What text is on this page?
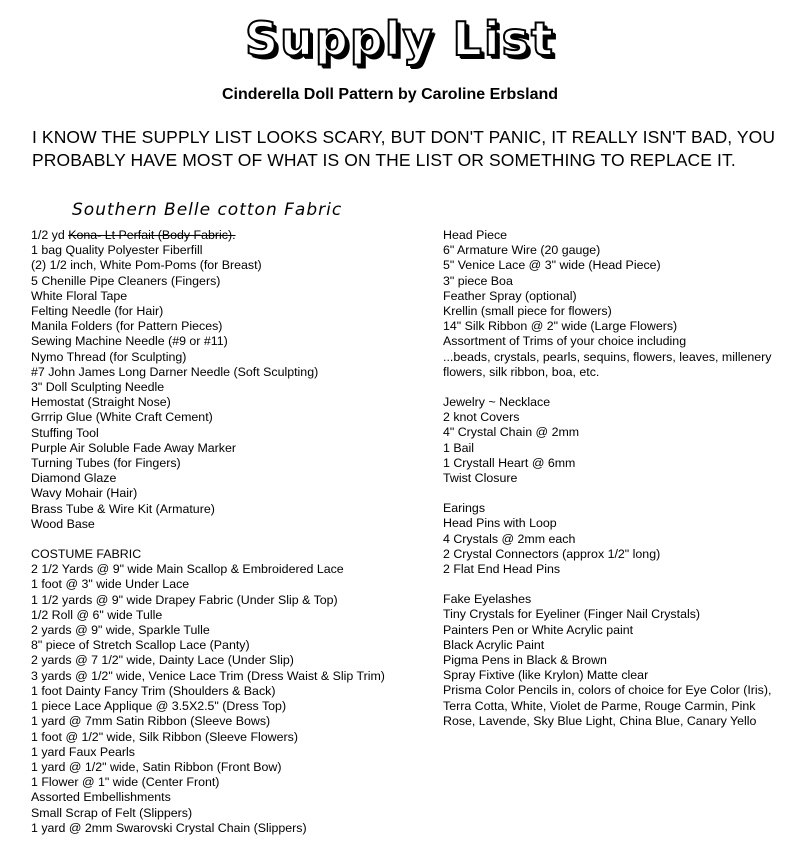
Supply List

Cinderella Doll Pattern by Caroline Erbsland

I KNOW THE SUPPLY LIST LOOKS SCARY, BUT DON'T PANIC, IT REALLY ISN'T BAD, YOU PROBABLY HAVE MOST OF WHAT IS ON THE LIST OR SOMETHING TO REPLACE IT.

Southern Belle cotton Fabric

1/2 yd Kona- Lt Perfait (Body Fabric).
1 bag Quality Polyester Fiberfill
(2) 1/2 inch, White Pom-Poms (for Breast)
5 Chenille Pipe Cleaners (Fingers)
White Floral Tape
Felting Needle (for Hair)
Manila Folders (for Pattern Pieces)
Sewing Machine Needle (#9 or #11)
Nymo Thread (for Sculpting)
#7 John James Long Darner Needle (Soft Sculpting)
3" Doll Sculpting Needle
Hemostat (Straight Nose)
Grrrip Glue (White Craft Cement)
Stuffing Tool
Purple Air Soluble Fade Away Marker
Turning Tubes (for Fingers)
Diamond Glaze
Wavy Mohair (Hair)
Brass Tube & Wire Kit (Armature)
Wood Base
COSTUME FABRIC
2 1/2 Yards @ 9" wide Main Scallop & Embroidered Lace
1 foot @ 3" wide Under Lace
1 1/2 yards @ 9" wide Drapey Fabric (Under Slip & Top)
1/2 Roll @ 6" wide Tulle
2 yards @ 9" wide, Sparkle Tulle
8" piece of Stretch Scallop Lace (Panty)
2 yards @ 7 1/2" wide, Dainty Lace (Under Slip)
3 yards @ 1/2" wide, Venice Lace Trim (Dress Waist & Slip Trim)
1 foot Dainty Fancy Trim (Shoulders & Back)
1 piece Lace Applique @ 3.5X2.5" (Dress Top)
1 yard @ 7mm Satin Ribbon (Sleeve Bows)
1 foot @ 1/2" wide, Silk Ribbon (Sleeve Flowers)
1 yard Faux Pearls
1 yard @ 1/2" wide, Satin Ribbon (Front Bow)
1 Flower @ 1" wide (Center Front)
Assorted Embellishments
Small Scrap of Felt (Slippers)
1 yard @ 2mm Swarovski Crystal Chain (Slippers)
Head Piece
6" Armature Wire (20 gauge)
5" Venice Lace @ 3" wide (Head Piece)
3" piece Boa
Feather Spray (optional)
Krellin (small piece for flowers)
14" Silk Ribbon @ 2" wide (Large Flowers)
Assortment of Trims of your choice including
...beads, crystals, pearls, sequins, flowers, leaves, millenery flowers, silk ribbon, boa, etc.
Jewelry ~ Necklace
2 knot Covers
4" Crystal Chain @ 2mm
1 Bail
1 Crystall Heart @ 6mm
Twist Closure
Earings
Head Pins with Loop
4 Crystals @ 2mm each
2 Crystal Connectors (approx 1/2" long)
2 Flat End Head Pins
Fake Eyelashes
Tiny Crystals for Eyeliner (Finger Nail Crystals)
Painters Pen or White Acrylic paint
Black Acrylic Paint
Pigma Pens in Black & Brown
Spray Fixtive (like Krylon) Matte clear
Prisma Color Pencils in, colors of choice for Eye Color (Iris), Terra Cotta, White, Violet de Parme, Rouge Carmin, Pink Rose, Lavende, Sky Blue Light, China Blue, Canary Yello
